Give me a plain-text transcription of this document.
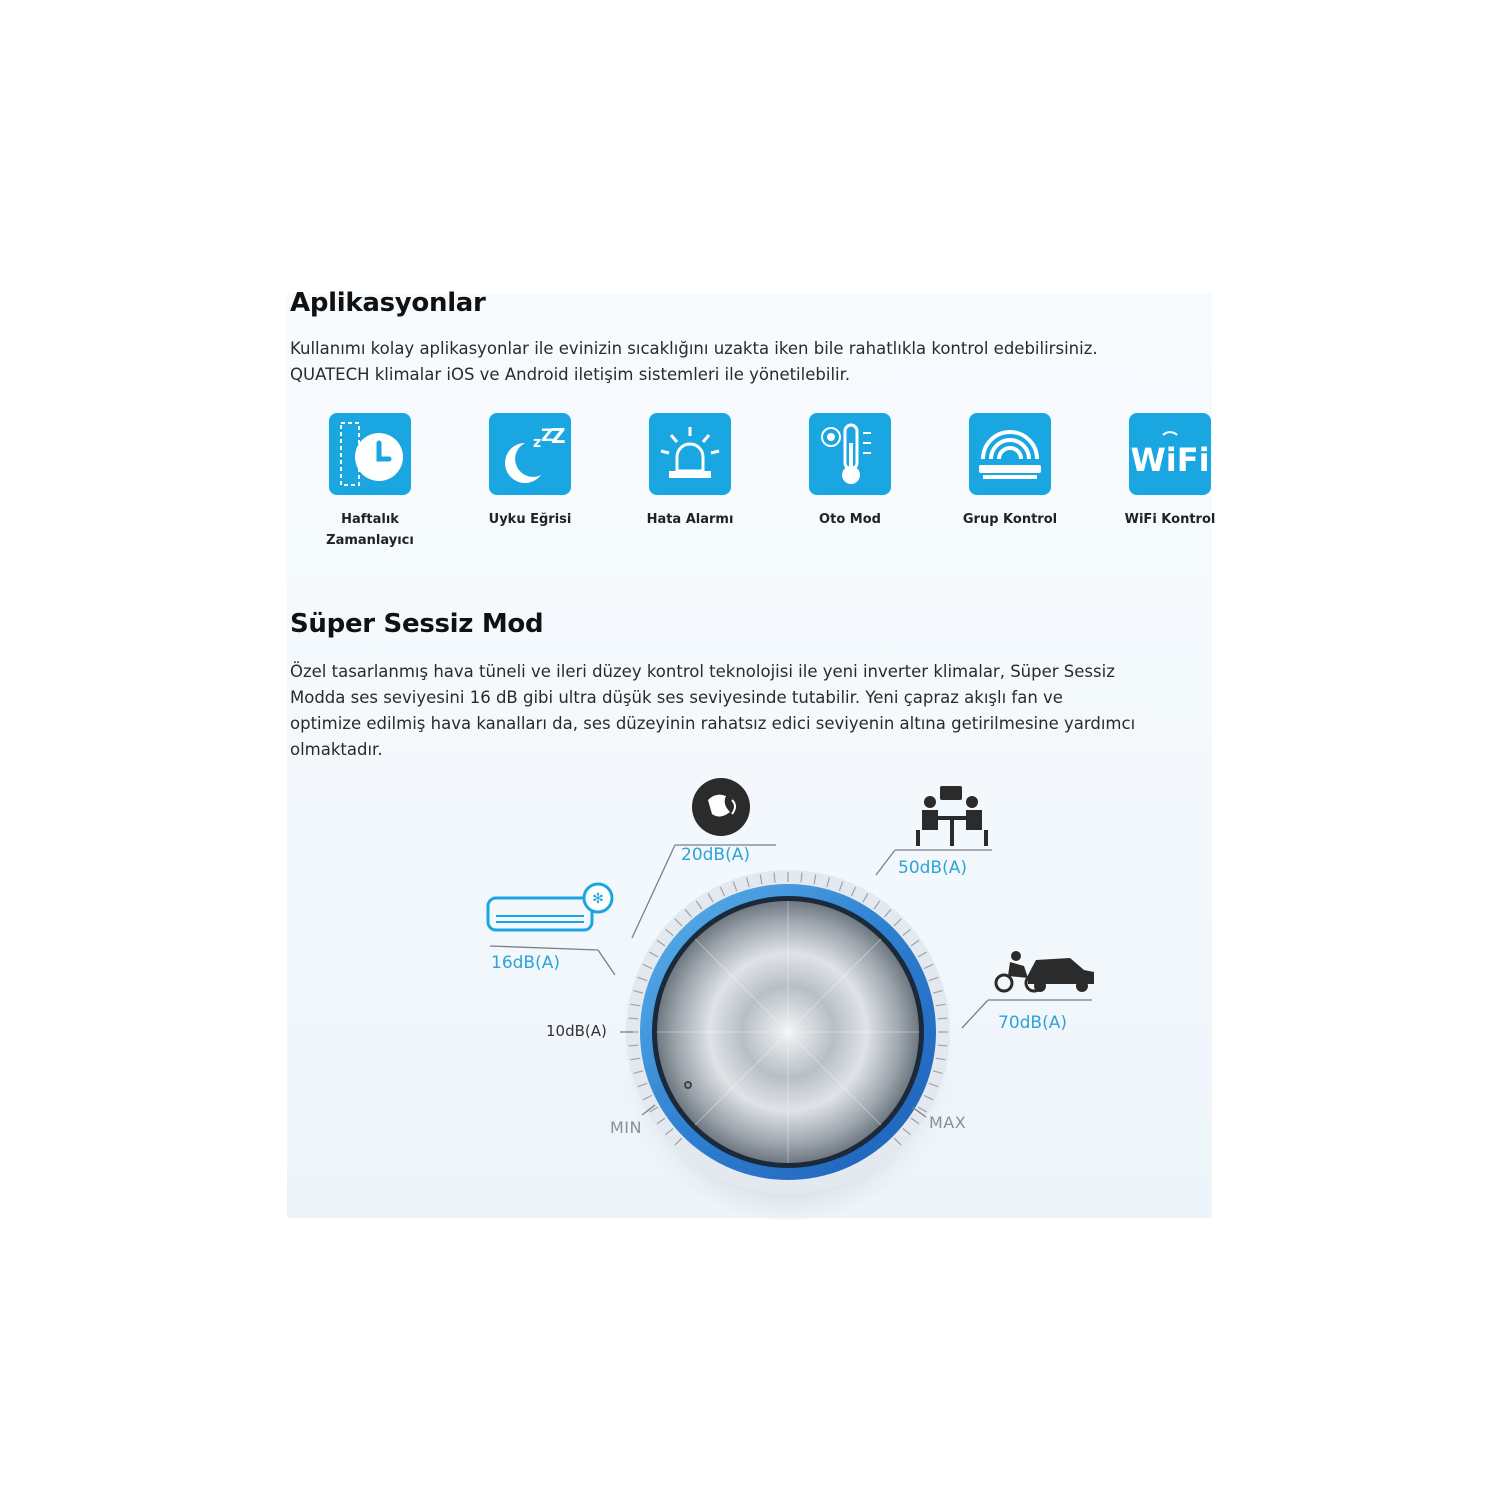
Aplikasyonlar

Kullanımı kolay aplikasyonlar ile evinizin sıcaklığını uzakta iken bile rahatlıkla kontrol edebilirsiniz.
QUATECH klimalar iOS ve Android iletişim sistemleri ile yönetilebilir.

Haftalık
Zamanlayıcı
z Z
Z
Uyku Eğrisi	Hata Alarmı	Oto Mod	Grup Kontrol
WiFi
WiFi Kontrol
Süper Sessiz Mod

Özel tasarlanmış hava tüneli ve ileri düzey kontrol teknolojisi ile yeni inverter klimalar, Süper Sessiz
Modda ses seviyesini 16 dB gibi ultra düşük ses seviyesinde tutabilir. Yeni çapraz akışlı fan ve
optimize edilmiş hava kanalları da, ses düzeyinin rahatsız edici seviyenin altına getirilmesine yardımcı
olmaktadır.

✻
10dB(A)
16dB(A)
20dB(A)
50dB(A)
70dB(A)
MIN	MAX
